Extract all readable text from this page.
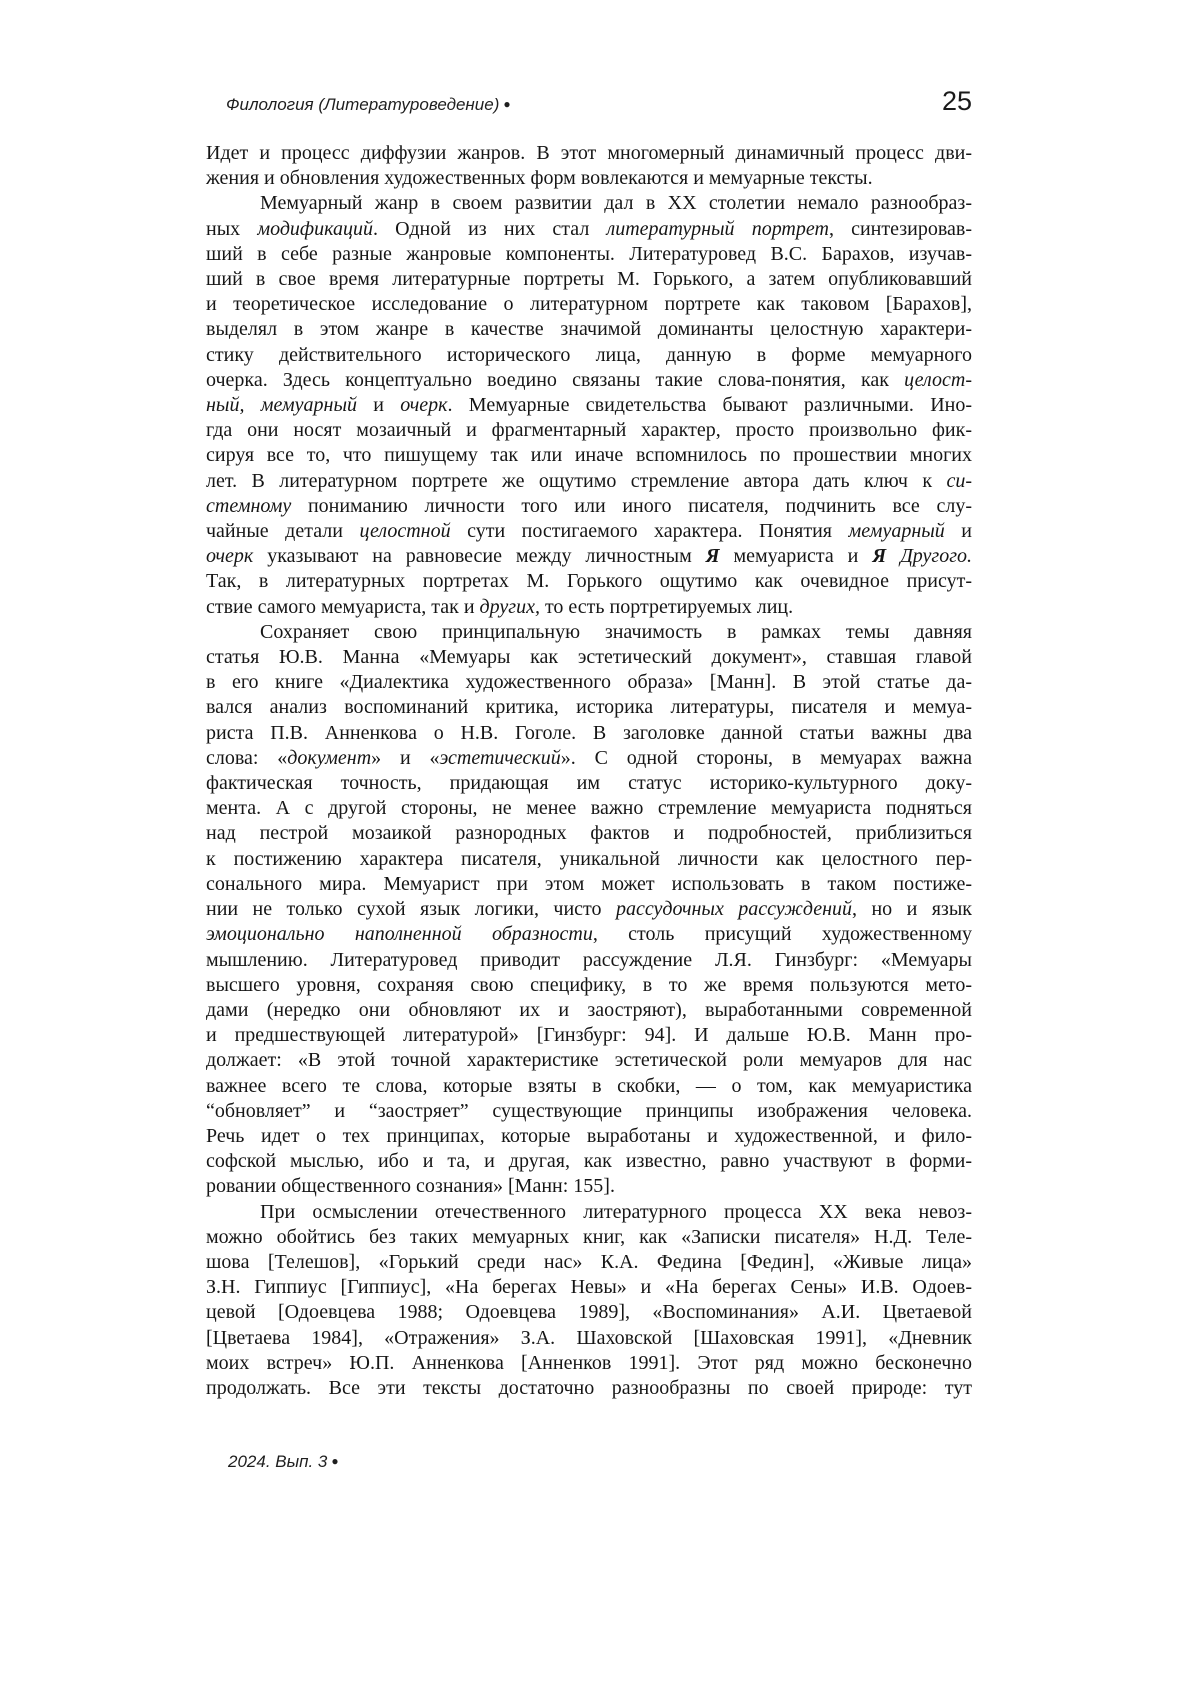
Филология (Литературоведение) ●	25
Идет и процесс диффузии жанров. В этот многомерный динамичный процесс дви-
жения и обновления художественных форм вовлекаются и мемуарные тексты.
Мемуарный жанр в своем развитии дал в XX столетии немало разнообраз-
ных модификаций. Одной из них стал литературный портрет, синтезировав-
ший в себе разные жанровые компоненты. Литературовед В.С. Барахов, изучав-
ший в свое время литературные портреты М. Горького, а затем опубликовавший
и теоретическое исследование о литературном портрете как таковом [Барахов],
выделял в этом жанре в качестве значимой доминанты целостную характери-
стику действительного исторического лица, данную в форме мемуарного
очерка. Здесь концептуально воедино связаны такие слова-понятия, как целост-
ный, мемуарный и очерк. Мемуарные свидетельства бывают различными. Ино-
гда они носят мозаичный и фрагментарный характер, просто произвольно фик-
сируя все то, что пишущему так или иначе вспомнилось по прошествии многих
лет. В литературном портрете же ощутимо стремление автора дать ключ к си-
стемному пониманию личности того или иного писателя, подчинить все слу-
чайные детали целостной сути постигаемого характера. Понятия мемуарный и
очерк указывают на равновесие между личностным Я мемуариста и Я Другого.
Так, в литературных портретах М. Горького ощутимо как очевидное присут-
ствие самого мемуариста, так и других, то есть портретируемых лиц.
Сохраняет свою принципальную значимость в рамках темы давняя
статья Ю.В. Манна «Мемуары как эстетический документ», ставшая главой
в его книге «Диалектика художественного образа» [Манн]. В этой статье да-
вался анализ воспоминаний критика, историка литературы, писателя и мемуа-
риста П.В. Анненкова о Н.В. Гоголе. В заголовке данной статьи важны два
слова: «документ» и «эстетический». С одной стороны, в мемуарах важна
фактическая точность, придающая им статус историко-культурного доку-
мента. А с другой стороны, не менее важно стремление мемуариста подняться
над пестрой мозаикой разнородных фактов и подробностей, приблизиться
к постижению характера писателя, уникальной личности как целостного пер-
сонального мира. Мемуарист при этом может использовать в таком постиже-
нии не только сухой язык логики, чисто рассудочных рассуждений, но и язык
эмоционально наполненной образности, столь присущий художественному
мышлению. Литературовед приводит рассуждение Л.Я. Гинзбург: «Мемуары
высшего уровня, сохраняя свою специфику, в то же время пользуются мето-
дами (нередко они обновляют их и заостряют), выработанными современной
и предшествующей литературой» [Гинзбург: 94]. И дальше Ю.В. Манн про-
должает: «В этой точной характеристике эстетической роли мемуаров для нас
важнее всего те слова, которые взяты в скобки, — о том, как мемуаристика
“обновляет” и “заостряет” существующие принципы изображения человека.
Речь идет о тех принципах, которые выработаны и художественной, и фило-
софской мыслью, ибо и та, и другая, как известно, равно участвуют в форми-
ровании общественного сознания» [Манн: 155].
При осмыслении отечественного литературного процесса XX века невоз-
можно обойтись без таких мемуарных книг, как «Записки писателя» Н.Д. Теле-
шова [Телешов], «Горький среди нас» К.А. Федина [Федин], «Живые лица»
З.Н. Гиппиус [Гиппиус], «На берегах Невы» и «На берегах Сены» И.В. Одоев-
цевой [Одоевцева 1988; Одоевцева 1989], «Воспоминания» А.И. Цветаевой
[Цветаева 1984], «Отражения» З.А. Шаховской [Шаховская 1991], «Дневник
моих встреч» Ю.П. Анненкова [Анненков 1991]. Этот ряд можно бесконечно
продолжать. Все эти тексты достаточно разнообразны по своей природе: тут
2024. Вып. 3 ●
